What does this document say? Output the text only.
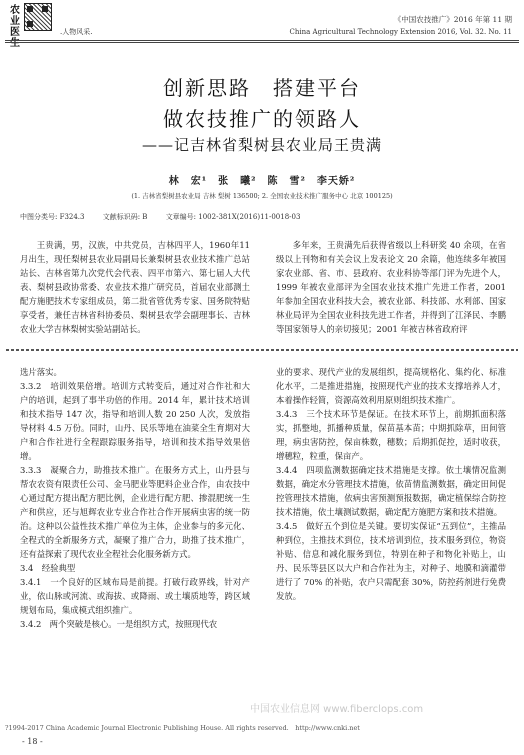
农
业
医
生
.人物风采.
《中国农技推广》2016 年第 11 期
China Agricultural Technology Extension 2016, Vol. 32. No. 11
创新思路　搭建平台
做农技推广的领路人
——记吉林省梨树县农业局王贵满
林　宏¹　张　曦²　陈　雪²　李天娇²
(1. 吉林省梨树县农业局 吉林 梨树 136500; 2. 全国农业技术推广服务中心 北京 100125)
中图分类号: F324.3	文献标识码: B	文章编号: 1002-381X(2016)11-0018-03
王贵满，男，汉族，中共党员，吉林四平人，1960年11月出生，现任梨树县农业局副局长兼梨树县农业技术推广总站站长、吉林省第九次党代会代表、四平市第六、第七届人大代表、梨树县政协常委、农业技术推广研究员，首届农业部测土配方施肥技术专家组成员，第二批省管优秀专家、国务院特贴享受者，兼任吉林省科协委员、梨树县农学会副理事长、吉林农业大学吉林梨树实验站副站长。
多年来，王贵满先后获得省级以上科研奖 40 余项，在省级以上刊物和有关会议上发表论文 20 余篇，他连续多年被国家农业部、省、市、县政府、农业科协等部门评为先进个人，1999 年被农业部评为全国农业技术推广先进工作者，2001 年参加全国农业科技大会，被农业部、科技部、水利部、国家林业局评为全国农业科技先进工作者，并得到了江泽民、李鹏等国家领导人的亲切接见；2001 年被吉林省政府评
选片落实。
3.3.2　培训效果倍增。培训方式转变后，通过对合作社和大户的培训，起到了事半功倍的作用。2014 年，累计技术培训和技术指导 147 次，指导和培训人数 20 250 人次，发放指导材料 4.5 万份。同时，山丹、民乐等地在油菜全生育期对大户和合作社进行全程跟踪服务指导，培训和技术指导效果倍增。
3.3.3　凝聚合力，助推技术推广。在服务方式上，山丹县与帮农农资有限责任公司、金马肥业等肥料企业合作，由农技中心通过配方提出配方肥比例，企业进行配方肥、掺混肥统一生产和供应，还与旭辉农业专业合作社合作开展病虫害的统一防治。这种以公益性技术推广单位为主体，企业参与的多元化、全程式的全新服务方式，凝聚了推广合力，助推了技术推广，还有益探索了现代农业全程社会化服务新方式。
3.4　经验典型
3.4.1　一个良好的区域布局是前提。打破行政界线，针对产业，依山脉或河流、或海拔、或降雨、或土壤质地等，跨区域规划布局，集成模式组织推广。
3.4.2　两个突破是核心。一是组织方式，按照现代农
业的要求、现代产业的发展组织，提高规格化、集约化、标准化水平，二是推进措施，按照现代产业的技术支撑培养人才，本着操作轻简，资源高效利用原则组织技术推广。
3.4.3　三个技术环节是保证。在技术环节上，前期抓面积落实，抓整地，抓播种质量，保苗基本苗；中期抓除草，田间管理，病虫害防控，保亩株数，穗数；后期抓促控，适时收获，增穗粒，粒重，保亩产。
3.4.4　四项监测数据确定技术措施是支撑。依土壤情况监测数据，确定水分管理技术措施，依苗情监测数据，确定田间促控管理技术措施，依病虫害预测预报数据，确定植保综合防控技术措施，依土壤测试数据，确定配方施肥方案和技术措施。
3.4.5　做好五个到位是关键。要切实保证“五到位”，主推品种到位，主推技术到位，技术培训到位，技术服务到位，物资补贴、信息和减化服务到位，特别在种子和物化补贴上，山丹、民乐等县区以大户和合作社为主，对种子、地膜和滴灌带进行了 70% 的补贴，农户只需配套 30%，防控药剂进行免费发放。
中国农业信息网 www.fiberclops.com
?1994-2017 China Academic Journal Electronic Publishing House. All rights reserved.　http://www.cnki.net
- 18 -
